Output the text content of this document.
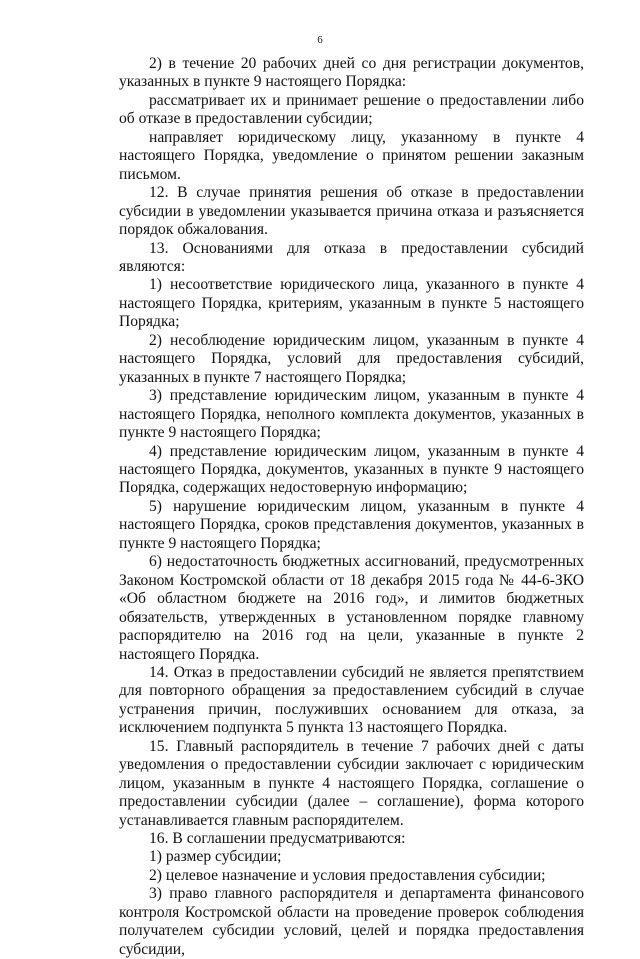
6

2) в течение 20 рабочих дней со дня регистрации документов, указанных в пункте 9 настоящего Порядка:

рассматривает их и принимает решение о предоставлении либо об отказе в предоставлении субсидии;

направляет юридическому лицу, указанному в пункте 4 настоящего Порядка, уведомление о принятом решении заказным письмом.

12. В случае принятия решения об отказе в предоставлении субсидии в уведомлении указывается причина отказа и разъясняется порядок обжалования.

13. Основаниями для отказа в предоставлении субсидий являются:

1) несоответствие юридического лица, указанного в пункте 4 настоящего Порядка, критериям, указанным в пункте 5 настоящего Порядка;

2) несоблюдение юридическим лицом, указанным в пункте 4 настоящего Порядка, условий для предоставления субсидий, указанных в пункте 7 настоящего Порядка;

3) представление юридическим лицом, указанным в пункте 4 настоящего Порядка, неполного комплекта документов, указанных в пункте 9 настоящего Порядка;

4) представление юридическим лицом, указанным в пункте 4 настоящего Порядка, документов, указанных в пункте 9 настоящего Порядка, содержащих недостоверную информацию;

5) нарушение юридическим лицом, указанным в пункте 4 настоящего Порядка, сроков представления документов, указанных в пункте 9 настоящего Порядка;

6) недостаточность бюджетных ассигнований, предусмотренных Законом Костромской области от 18 декабря 2015 года № 44-6-ЗКО «Об областном бюджете на 2016 год», и лимитов бюджетных обязательств, утвержденных в установленном порядке главному распорядителю на 2016 год на цели, указанные в пункте 2 настоящего Порядка.

14. Отказ в предоставлении субсидий не является препятствием для повторного обращения за предоставлением субсидий в случае устранения причин, послуживших основанием для отказа, за исключением подпункта 5 пункта 13 настоящего Порядка.

15. Главный распорядитель в течение 7 рабочих дней с даты уведомления о предоставлении субсидии заключает с юридическим лицом, указанным в пункте 4 настоящего Порядка, соглашение о предоставлении субсидии (далее – соглашение), форма которого устанавливается главным распорядителем.

16. В соглашении предусматриваются:

1) размер субсидии;

2) целевое назначение и условия предоставления субсидии;

3) право главного распорядителя и департамента финансового контроля Костромской области на проведение проверок соблюдения получателем субсидии условий, целей и порядка предоставления субсидии,
